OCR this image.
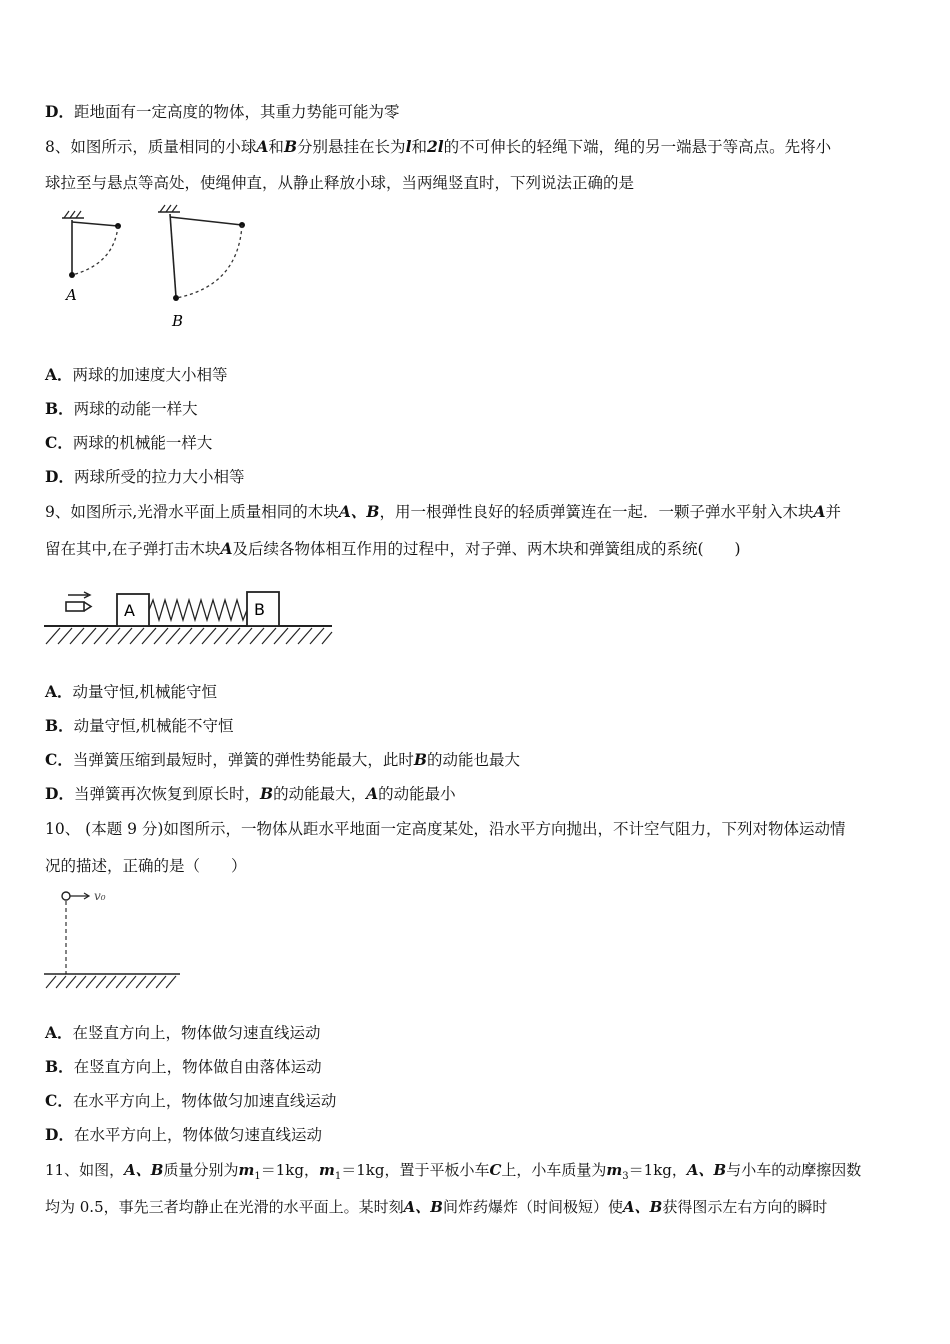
D．距地面有一定高度的物体，其重力势能可能为零
8、如图所示，质量相同的小球A和B分别悬挂在长为l和2l的不可伸长的轻绳下端，绳的另一端悬于等高点。先将小
球拉至与悬点等高处，使绳伸直，从静止释放小球，当两绳竖直时，下列说法正确的是
A
B
A．两球的加速度大小相等
B．两球的动能一样大
C．两球的机械能一样大
D．两球所受的拉力大小相等
9、如图所示,光滑水平面上质量相同的木块A、B，用一根弹性良好的轻质弹簧连在一起．一颗子弹水平射入木块A并
留在其中,在子弹打击木块A及后续各物体相互作用的过程中，对子弹、两木块和弹簧组成的系统(　　)
A	B
A．动量守恒,机械能守恒
B．动量守恒,机械能不守恒
C．当弹簧压缩到最短时，弹簧的弹性势能最大，此时B的动能也最大
D．当弹簧再次恢复到原长时，B的动能最大，A的动能最小
10、 (本题 9 分)如图所示，一物体从距水平地面一定高度某处，沿水平方向抛出，不计空气阻力，下列对物体运动情
况的描述，正确的是（　　）
v₀
A．在竖直方向上，物体做匀速直线运动
B．在竖直方向上，物体做自由落体运动
C．在水平方向上，物体做匀加速直线运动
D．在水平方向上，物体做匀速直线运动
11、如图，A、B质量分别为$m_1=1kg$，$m_1=1kg$，置于平板小车C上，小车质量为$m_3=1kg$，A、B与小车的动摩擦因数
均为 0.5，事先三者均静止在光滑的水平面上。某时刻A、B间炸药爆炸（时间极短）使A、B获得图示左右方向的瞬时
